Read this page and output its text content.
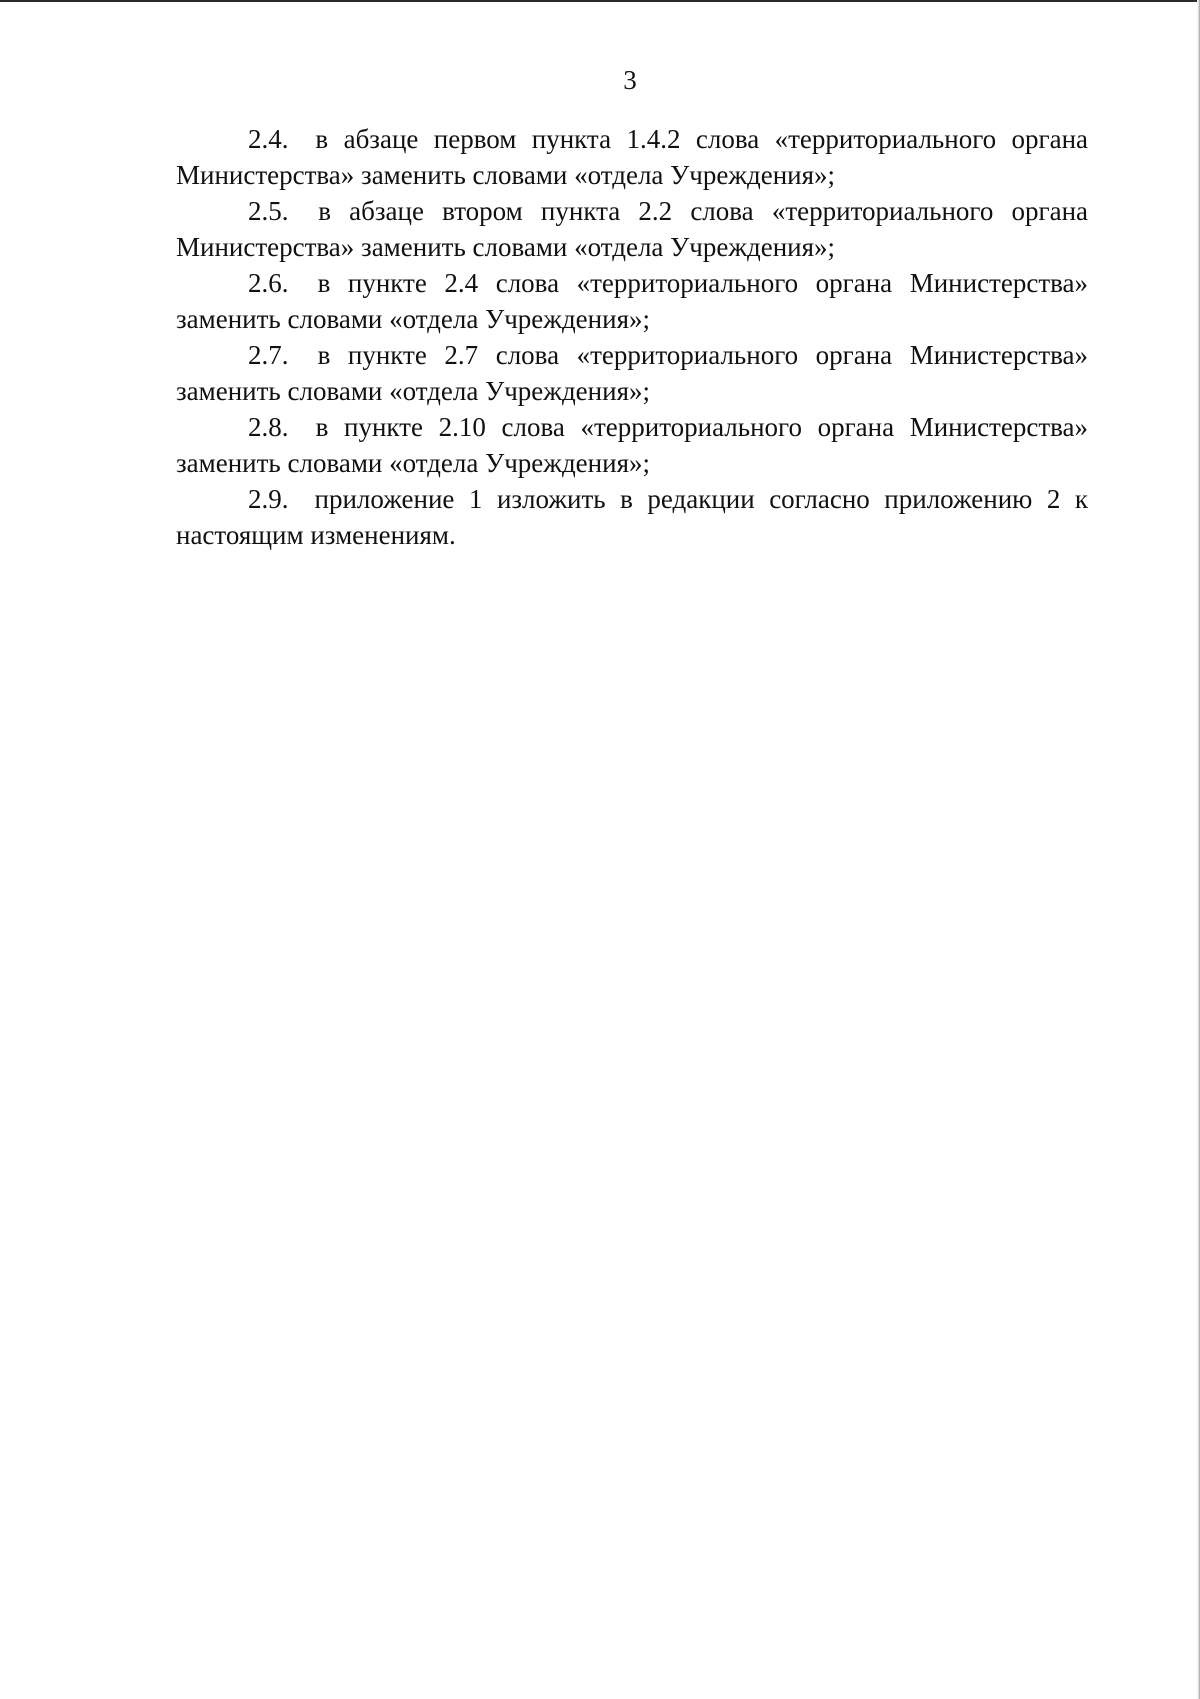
3

2.4. в абзаце первом пункта 1.4.2 слова «территориального органа Министерства» заменить словами «отдела Учреждения»;

2.5. в абзаце втором пункта 2.2 слова «территориального органа Министерства» заменить словами «отдела Учреждения»;

2.6. в пункте 2.4 слова «территориального органа Министерства» заменить словами «отдела Учреждения»;

2.7. в пункте 2.7 слова «территориального органа Министерства» заменить словами «отдела Учреждения»;

2.8. в пункте 2.10 слова «территориального органа Министерства» заменить словами «отдела Учреждения»;

2.9. приложение 1 изложить в редакции согласно приложению 2 к настоящим изменениям.
